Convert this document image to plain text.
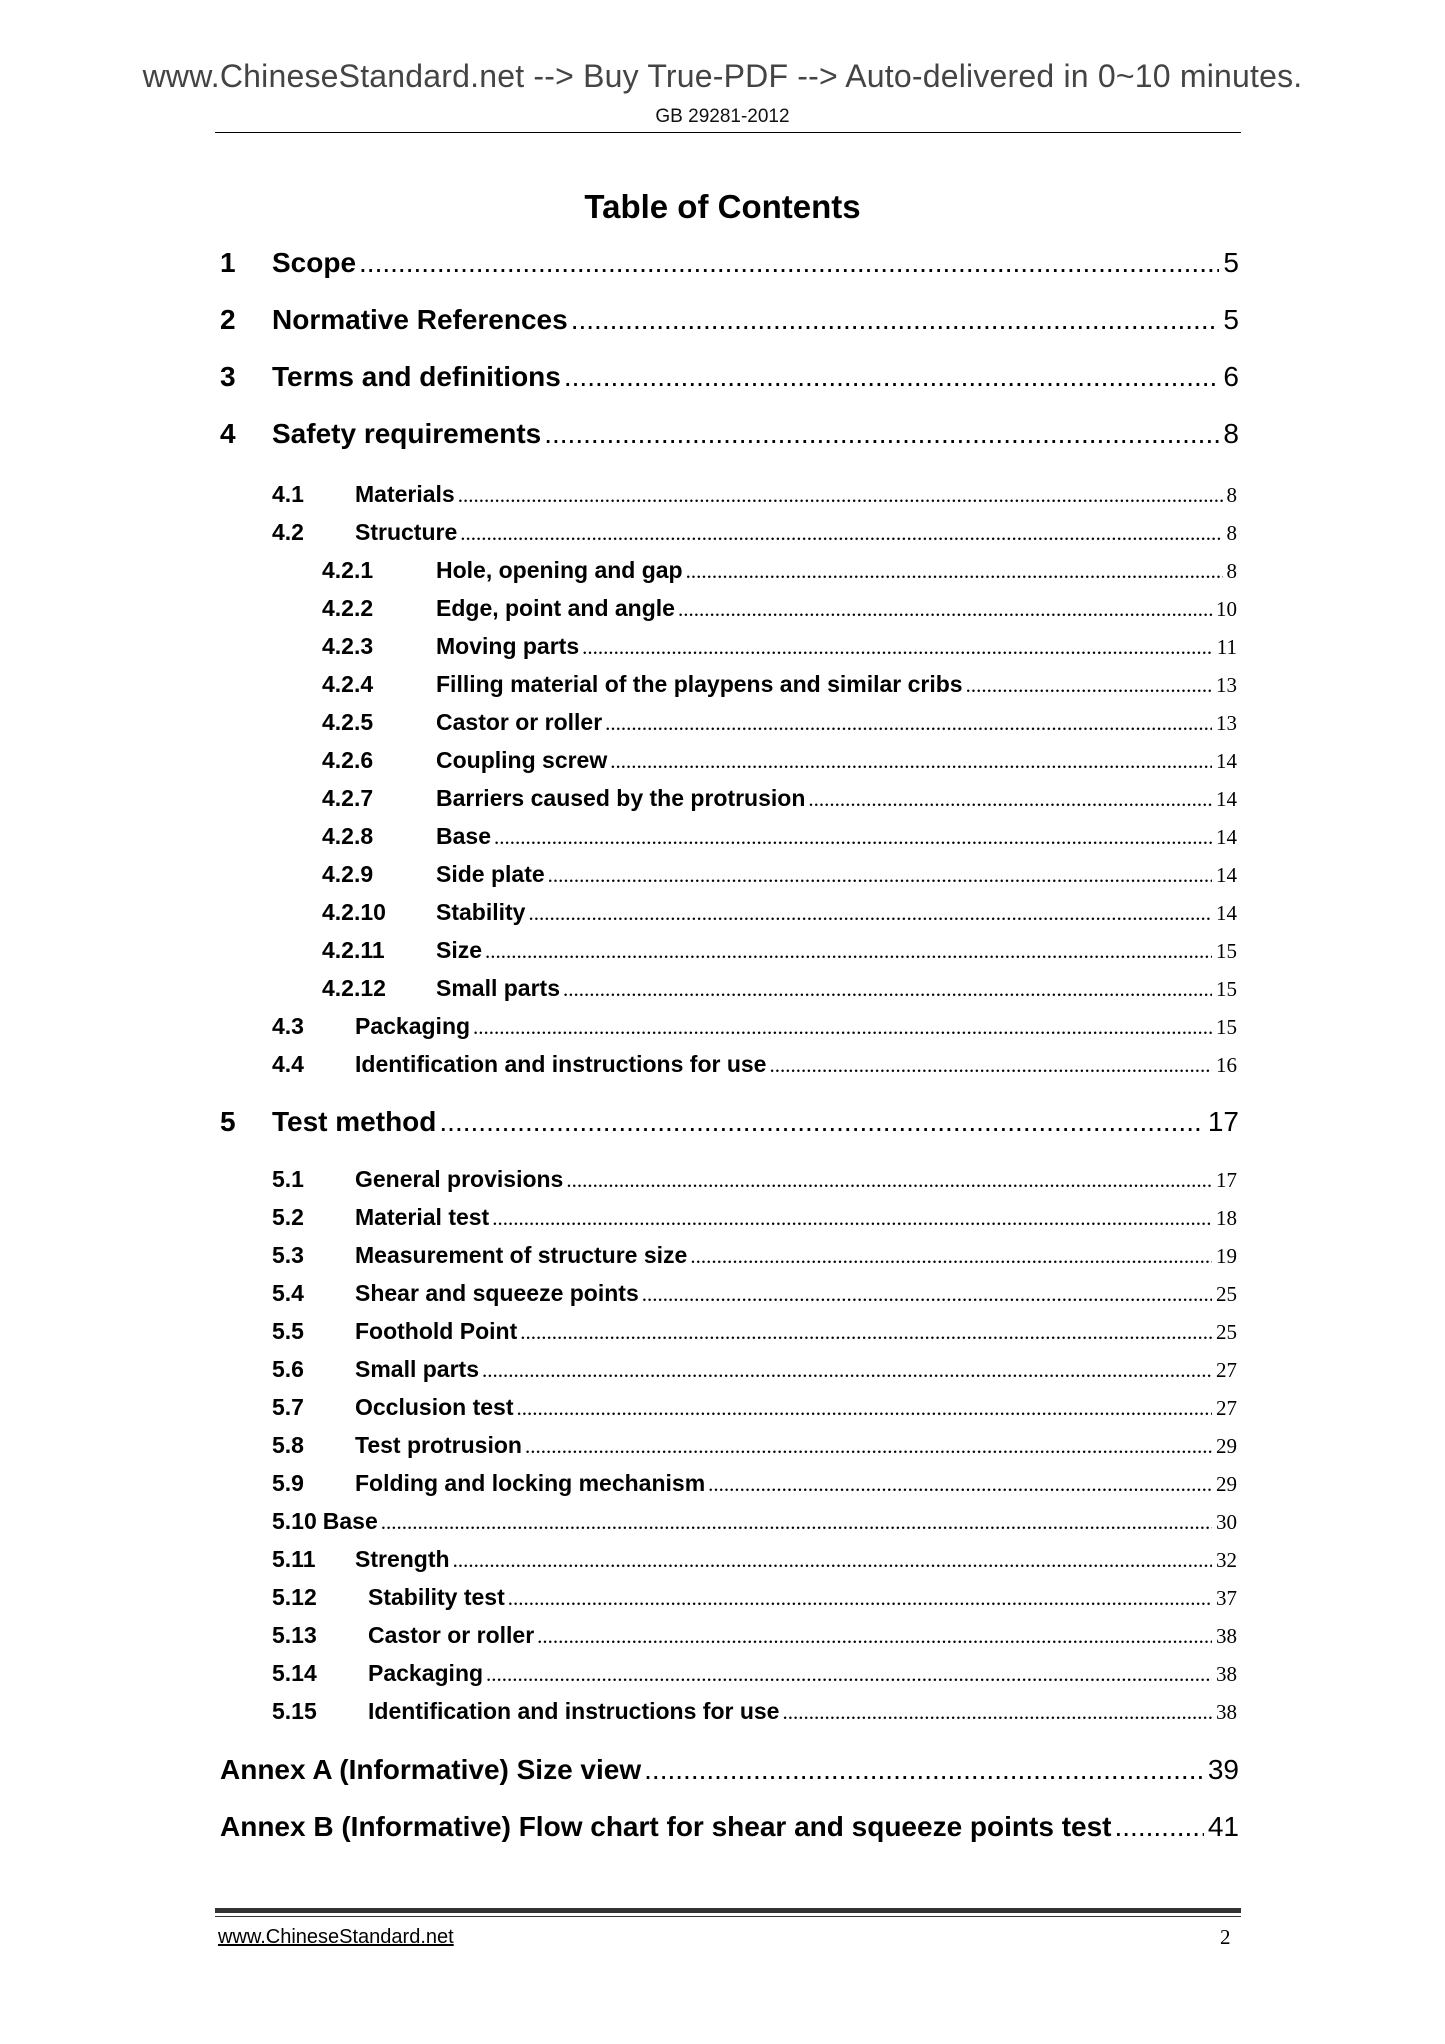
www.ChineseStandard.net --> Buy True-PDF --> Auto-delivered in 0~10 minutes.
GB 29281-2012
Table of Contents
1	Scope .....	5
2	Normative References .....	5
3	Terms and definitions .....	6
4	Safety requirements .....	8
4.1	Materials .....	8
4.2	Structure .....	8
4.2.1	Hole, opening and gap .....	8
4.2.2	Edge, point and angle .....	10
4.2.3	Moving parts .....	11
4.2.4	Filling material of the playpens and similar cribs .....	13
4.2.5	Castor or roller .....	13
4.2.6	Coupling screw .....	14
4.2.7	Barriers caused by the protrusion .....	14
4.2.8	Base .....	14
4.2.9	Side plate .....	14
4.2.10	Stability .....	14
4.2.11	Size .....	15
4.2.12	Small parts .....	15
4.3	Packaging .....	15
4.4	Identification and instructions for use .....	16
5	Test method .....	17
5.1	General provisions .....	17
5.2	Material test .....	18
5.3	Measurement of structure size .....	19
5.4	Shear and squeeze points .....	25
5.5	Foothold Point .....	25
5.6	Small parts .....	27
5.7	Occlusion test .....	27
5.8	Test protrusion .....	29
5.9	Folding and locking mechanism .....	29
5.10 Base .....	30
5.11	Strength .....	32
5.12	Stability test .....	37
5.13	Castor or roller .....	38
5.14	Packaging .....	38
5.15	Identification and instructions for use .....	38
Annex A (Informative) Size view .....	39
Annex B (Informative) Flow chart for shear and squeeze points test .....	41
www.ChineseStandard.net	2
